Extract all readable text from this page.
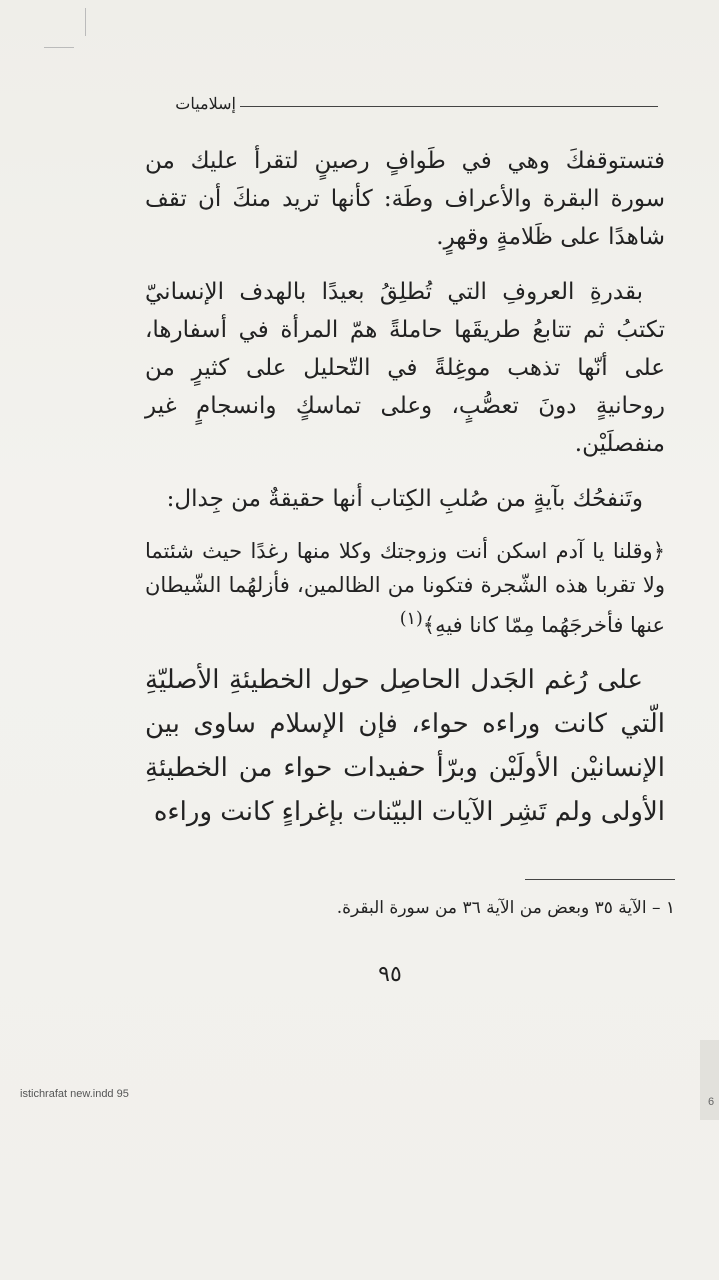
إسلاميات

فتستوقفكَ وهي في طَوافٍ رصينٍ لتقرأ عليك من سورة البقرة والأعراف وطَة: كأنها تريد منكَ أن تقف شاهدًا على ظَلامةٍ وقهرٍ.

بقدرةِ العروفِ التي تُطلِقُ بعيدًا بالهدف الإنسانيّ تكتبُ ثم تتابعُ طريقَها حاملةً همّ المرأة في أسفارها، على أنّها تذهب موغِلةً في التّحليل على كثيرٍ من روحانيةٍ دونَ تعصُّبٍ، وعلى تماسكٍ وانسجامٍ غير منفصلَيْن.

وتَنفحُك بآيةٍ من صُلبِ الكِتاب أنها حقيقةٌ من جِدال:

﴿وقلنا يا آدم اسكن أنت وزوجتك وكلا منها رغدًا حيث شئتما ولا تقربا هذه الشّجرة فتكونا من الظالمين، فأزلهُما الشّيطان عنها فأخرجَهُما مِمّا كانا فيهِ﴾$^{(١)}$

على رُغم الجَدل الحاصِل حول الخطيئةِ الأصليّةِ الّتي كانت وراءه حواء، فإن الإسلام ساوى بين الإنسانيْن الأولَيْن وبرّأ حفيدات حواء من الخطيئةِ الأولى ولم تَشِر الآيات البيّنات بإغراءٍ كانت وراءه

١ – الآية ٣٥ وبعض من الآية ٣٦ من سورة البقرة.
٩٥
istichrafat new.indd 95
6
